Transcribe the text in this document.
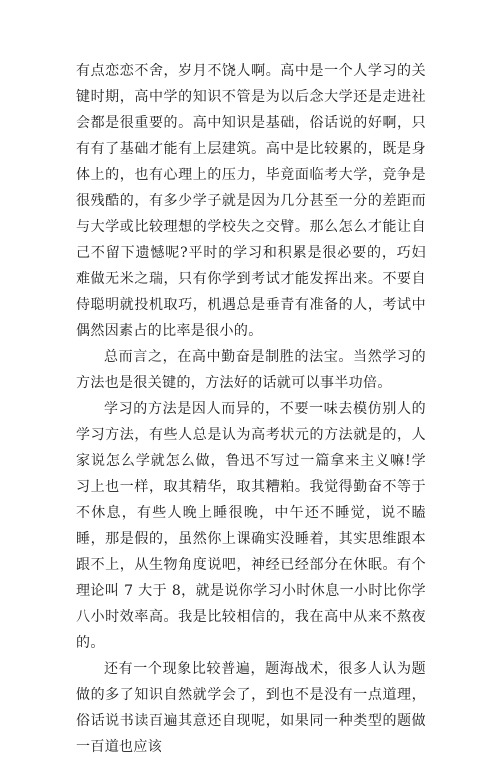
有点恋恋不舍，岁月不饶人啊。高中是一个人学习的关键时期，高中学的知识不管是为以后念大学还是走进社会都是很重要的。高中知识是基础，俗话说的好啊，只有有了基础才能有上层建筑。高中是比较累的，既是身体上的，也有心理上的压力，毕竟面临考大学，竞争是很残酷的，有多少学子就是因为几分甚至一分的差距而与大学或比较理想的学校失之交臂。那么怎么才能让自己不留下遗憾呢?平时的学习和积累是很必要的，巧妇难做无米之瑞，只有你学到考试才能发挥出来。不要自侍聪明就投机取巧，机遇总是垂青有准备的人，考试中偶然因素占的比率是很小的。

总而言之，在高中勤奋是制胜的法宝。当然学习的方法也是很关键的，方法好的话就可以事半功倍。

学习的方法是因人而异的，不要一味去模仿别人的学习方法，有些人总是认为高考状元的方法就是的，人家说怎么学就怎么做，鲁迅不写过一篇拿来主义嘛!学习上也一样，取其精华，取其糟粕。我觉得勤奋不等于不休息，有些人晚上睡很晚，中午还不睡觉，说不瞌睡，那是假的，虽然你上课确实没睡着，其实思维跟本跟不上，从生物角度说吧，神经已经部分在休眠。有个理论叫 7 大于 8，就是说你学习小时休息一小时比你学八小时效率高。我是比较相信的，我在高中从来不熬夜的。

还有一个现象比较普遍，题海战术，很多人认为题做的多了知识自然就学会了，到也不是没有一点道理，俗话说书读百遍其意还自现呢，如果同一种类型的题做一百道也应该
